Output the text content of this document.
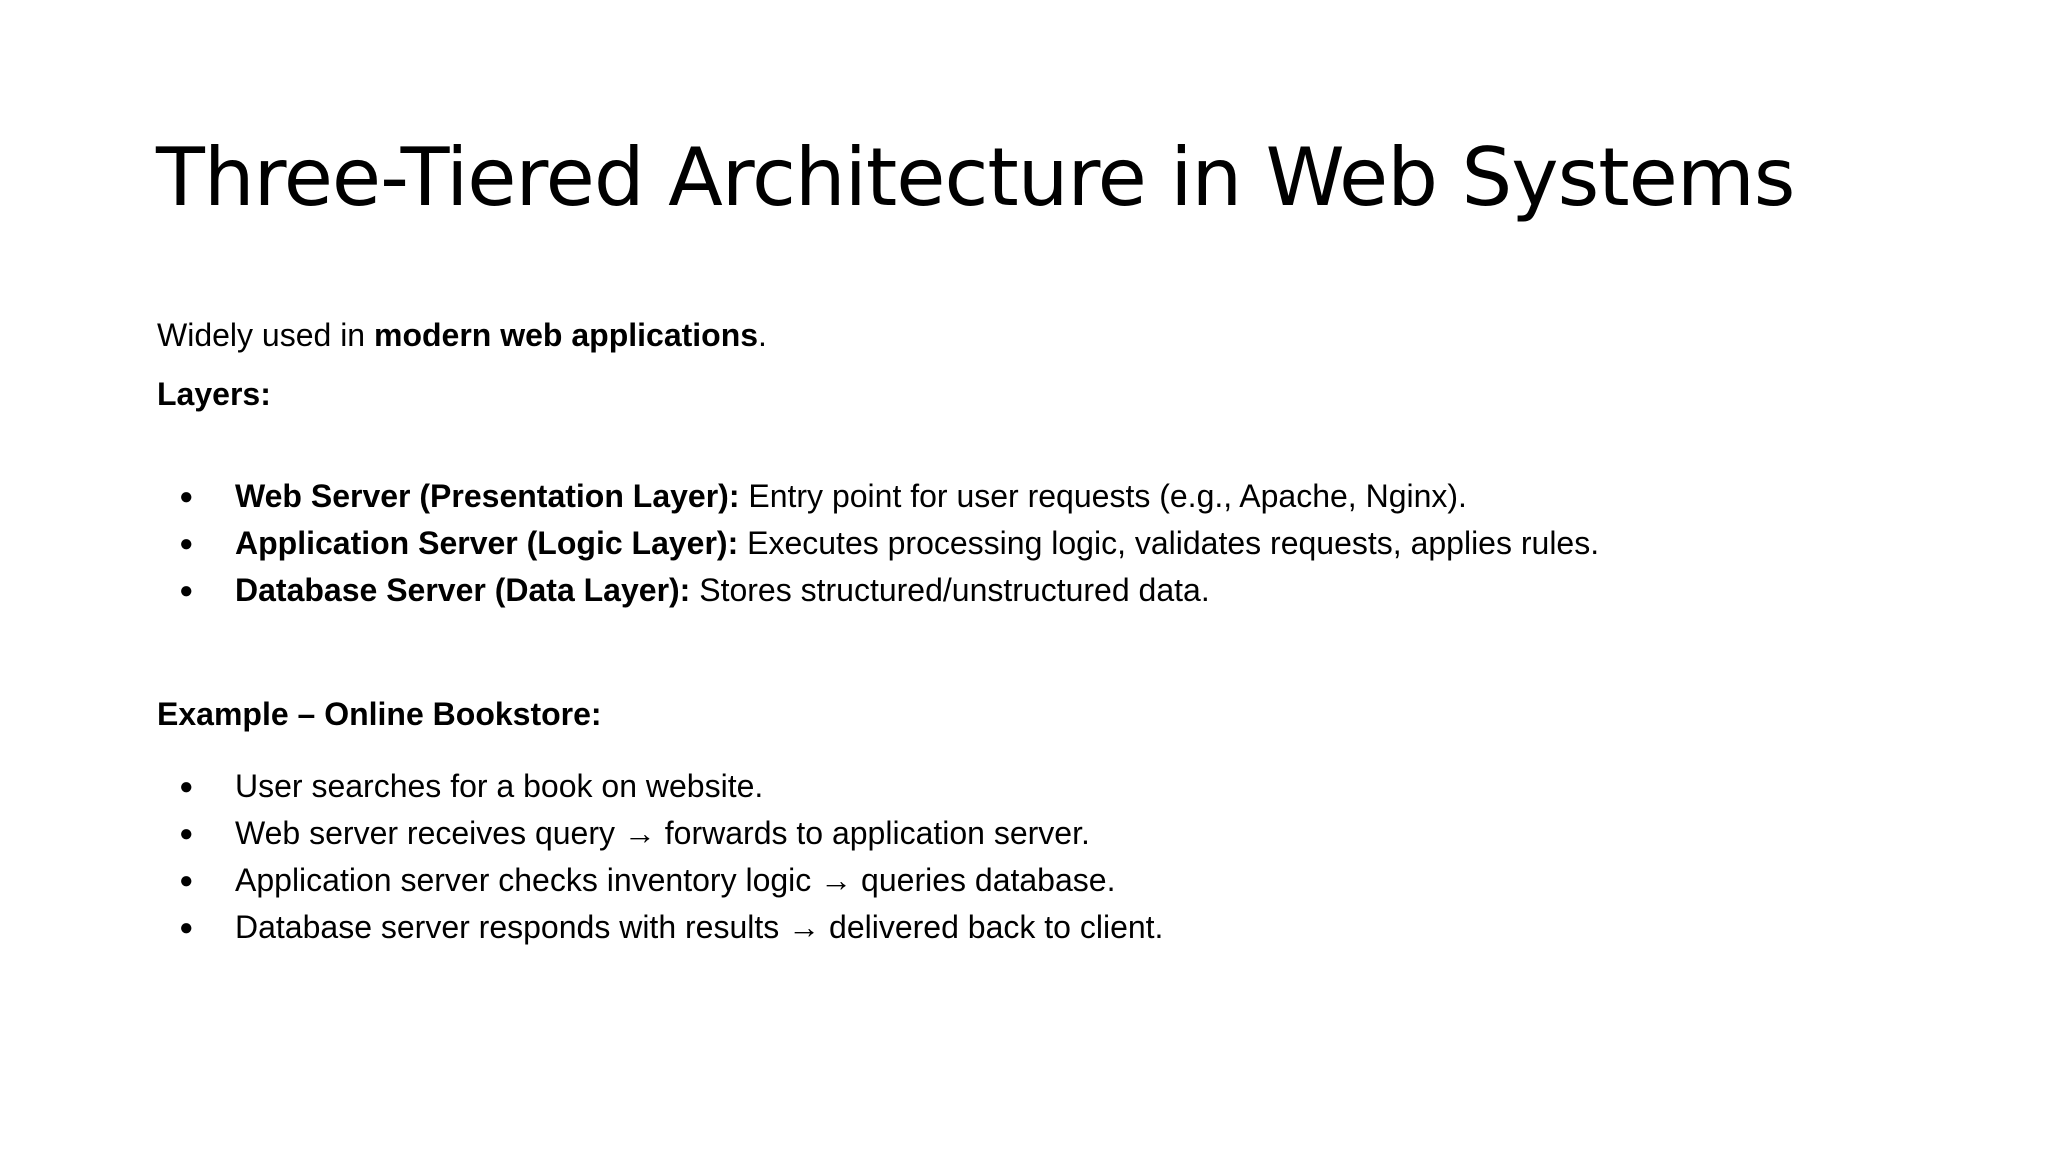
Three-Tiered Architecture in Web Systems

Widely used in modern web applications.

Layers:

● Web Server (Presentation Layer): Entry point for user requests (e.g., Apache, Nginx).
● Application Server (Logic Layer): Executes processing logic, validates requests, applies rules.
● Database Server (Data Layer): Stores structured/unstructured data.

Example – Online Bookstore:

● User searches for a book on website.
● Web server receives query → forwards to application server.
● Application server checks inventory logic → queries database.
● Database server responds with results → delivered back to client.
